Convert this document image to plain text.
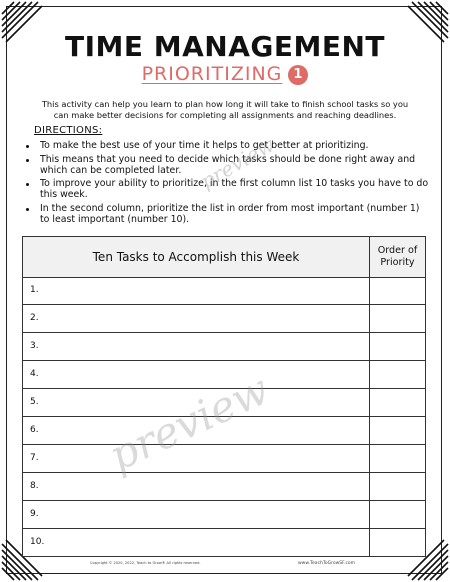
TIME MANAGEMENT
PRIORITIZING 1
This activity can help you learn to plan how long it will take to finish school tasks so you can make better decisions for completing all assignments and reaching deadlines.
DIRECTIONS:
To make the best use of your time it helps to get better at prioritizing.
This means that you need to decide which tasks should be done right away and which can be completed later.
To improve your ability to prioritize, in the first column list 10 tasks you have to do this week.
In the second column, prioritize the list in order from most important (number 1) to least important (number 10).
Ten Tasks to Accomplish this Week	Order of
Priority
1.
2.
3.
4.
5.
6.
7.
8.
9.
10.
preview
preview
Copyright © 2020, 2022, Teach to Grow® All rights reserved.	www.TeachToGrowSF.com
